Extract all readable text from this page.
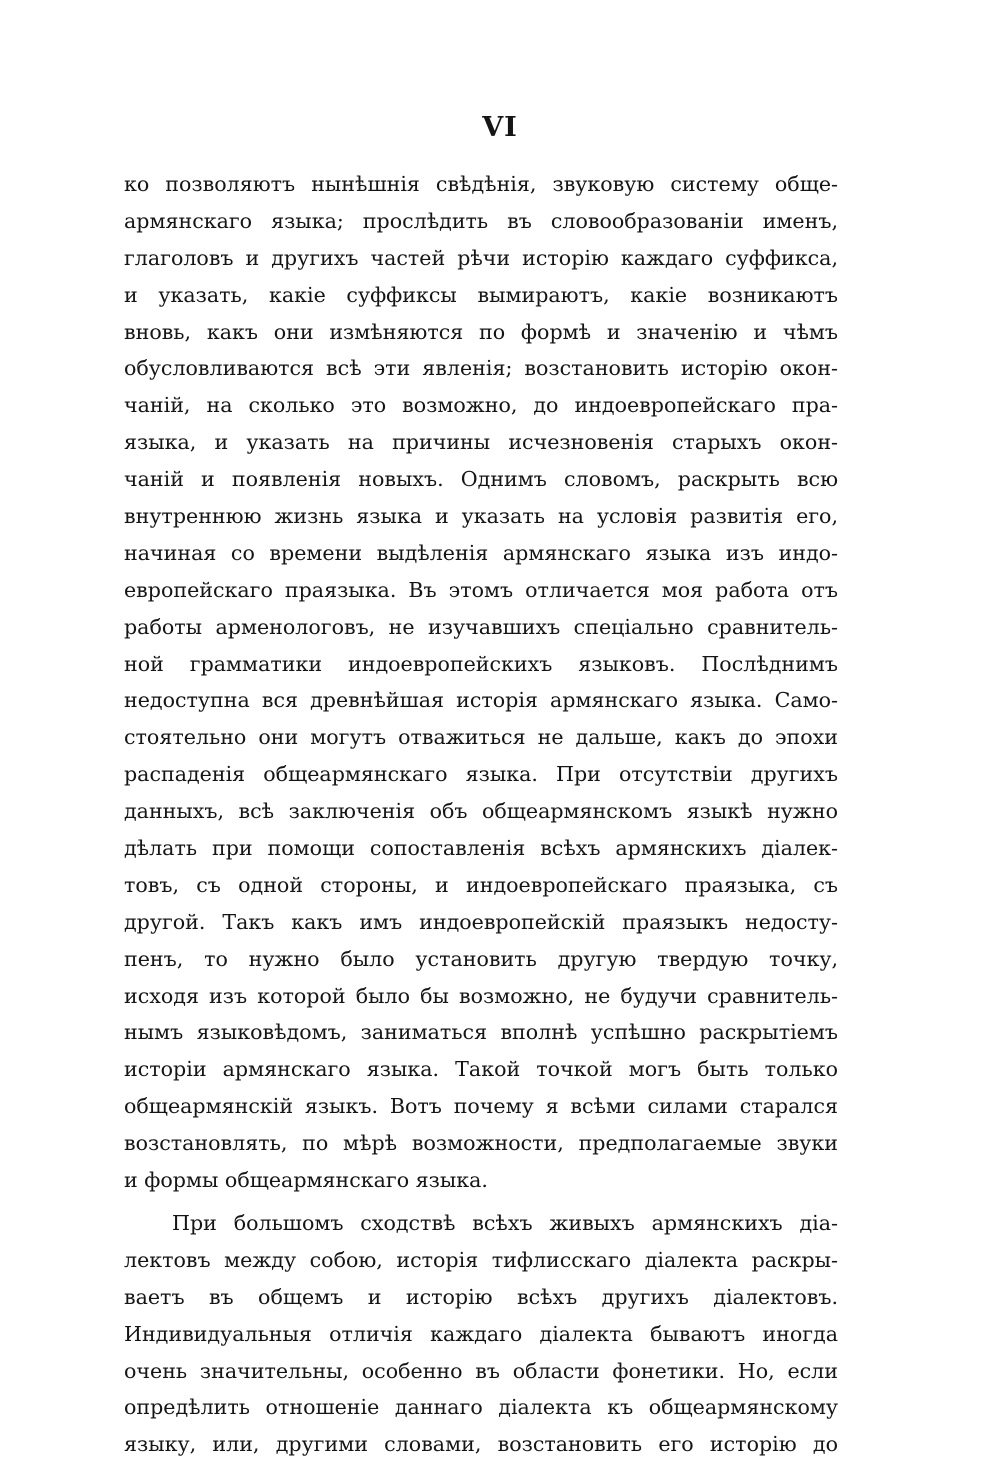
VI
ко позволяютъ нынѣшнія свѣдѣнія, звуковую систему обще-
армянскаго языка; прослѣдить въ словообразованіи именъ,
глаголовъ и другихъ частей рѣчи исторію каждаго суффикса,
и указать, какіе суффиксы вымираютъ, какіе возникаютъ
вновь, какъ они измѣняются по формѣ и значенію и чѣмъ
обусловливаются всѣ эти явленія; возстановить исторію окон-
чаній, на сколько это возможно, до индоевропейскаго пра-
языка, и указать на причины исчезновенія старыхъ окон-
чаній и появленія новыхъ. Однимъ словомъ, раскрыть всю
внутреннюю жизнь языка и указать на условія развитія его,
начиная со времени выдѣленія армянскаго языка изъ индо-
европейскаго праязыка. Въ этомъ отличается моя работа отъ
работы арменологовъ, не изучавшихъ спеціально сравнитель-
ной грамматики индоевропейскихъ языковъ. Послѣднимъ
недоступна вся древнѣйшая исторія армянскаго языка. Само-
стоятельно они могутъ отважиться не дальше, какъ до эпохи
распаденія общеармянскаго языка. При отсутствіи другихъ
данныхъ, всѣ заключенія объ общеармянскомъ языкѣ нужно
дѣлать при помощи сопоставленія всѣхъ армянскихъ діалек-
товъ, съ одной стороны, и индоевропейскаго праязыка, съ
другой. Такъ какъ имъ индоевропейскій праязыкъ недосту-
пенъ, то нужно было установить другую твердую точку,
исходя изъ которой было бы возможно, не будучи сравнитель-
нымъ языковѣдомъ, заниматься вполнѣ успѣшно раскрытіемъ
исторіи армянскаго языка. Такой точкой могъ быть только
общеармянскій языкъ. Вотъ почему я всѣми силами старался
возстановлять, по мѣрѣ возможности, предполагаемые звуки
и формы общеармянскаго языка.
При большомъ сходствѣ всѣхъ живыхъ армянскихъ діа-
лектовъ между собою, исторія тифлисскаго діалекта раскры-
ваетъ въ общемъ и исторію всѣхъ другихъ діалектовъ.
Индивидуальныя отличія каждаго діалекта бываютъ иногда
очень значительны, особенно въ области фонетики. Но, если
опредѣлить отношеніе даннаго діалекта къ общеармянскому
языку, или, другими словами, возстановить его исторію до
